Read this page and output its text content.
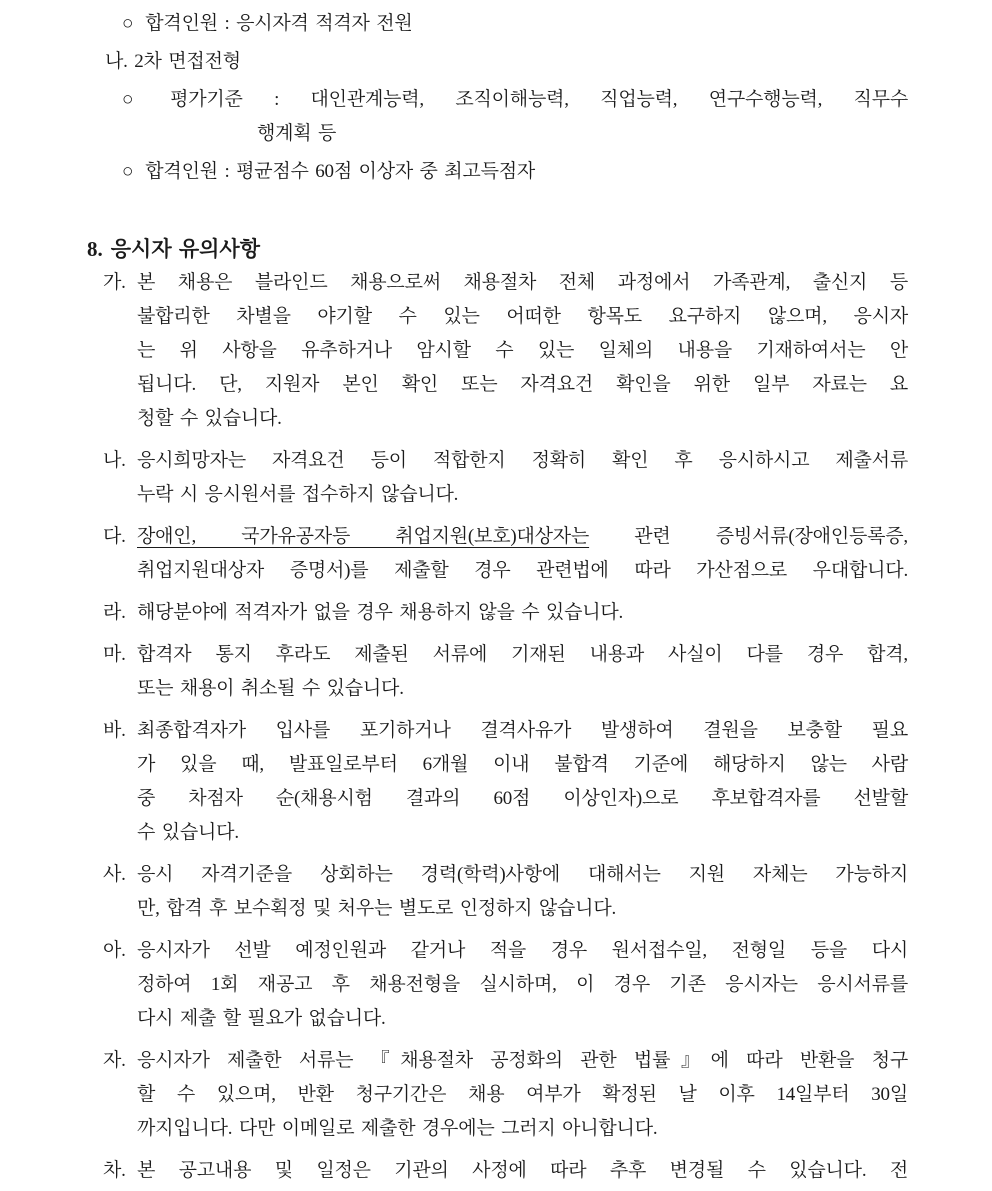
○ 합격인원 : 응시자격 적격자 전원
나. 2차 면접전형
○ 평가기준 : 대인관계능력, 조직이해능력, 직업능력, 연구수행능력, 직무수
행계획 등
○ 합격인원 : 평균점수 60점 이상자 중 최고득점자
8. 응시자 유의사항
가. 본 채용은 블라인드 채용으로써 채용절차 전체 과정에서 가족관계, 출신지 등
불합리한 차별을 야기할 수 있는 어떠한 항목도 요구하지 않으며, 응시자
는 위 사항을 유추하거나 암시할 수 있는 일체의 내용을 기재하여서는 안
됩니다. 단, 지원자 본인 확인 또는 자격요건 확인을 위한 일부 자료는 요
청할 수 있습니다.
나. 응시희망자는 자격요건 등이 적합한지 정확히 확인 후 응시하시고 제출서류
누락 시 응시원서를 접수하지 않습니다.
다. 장애인, 국가유공자등 취업지원(보호)대상자는 관련 증빙서류(장애인등록증,
취업지원대상자 증명서)를 제출할 경우 관련법에 따라 가산점으로 우대합니다.
라. 해당분야에 적격자가 없을 경우 채용하지 않을 수 있습니다.
마. 합격자 통지 후라도 제출된 서류에 기재된 내용과 사실이 다를 경우 합격,
또는 채용이 취소될 수 있습니다.
바. 최종합격자가 입사를 포기하거나 결격사유가 발생하여 결원을 보충할 필요
가 있을 때, 발표일로부터 6개월 이내 불합격 기준에 해당하지 않는 사람
중 차점자 순(채용시험 결과의 60점 이상인자)으로 후보합격자를 선발할
수 있습니다.
사. 응시 자격기준을 상회하는 경력(학력)사항에 대해서는 지원 자체는 가능하지
만, 합격 후 보수획정 및 처우는 별도로 인정하지 않습니다.
아. 응시자가 선발 예정인원과 같거나 적을 경우 원서접수일, 전형일 등을 다시
정하여 1회 재공고 후 채용전형을 실시하며, 이 경우 기존 응시자는 응시서류를
다시 제출 할 필요가 없습니다.
자. 응시자가 제출한 서류는 『채용절차 공정화의 관한 법률』에 따라 반환을 청구
할 수 있으며, 반환 청구기간은 채용 여부가 확정된 날 이후 14일부터 30일
까지입니다. 다만 이메일로 제출한 경우에는 그러지 아니합니다.
차. 본 공고내용 및 일정은 기관의 사정에 따라 추후 변경될 수 있습니다. 전
